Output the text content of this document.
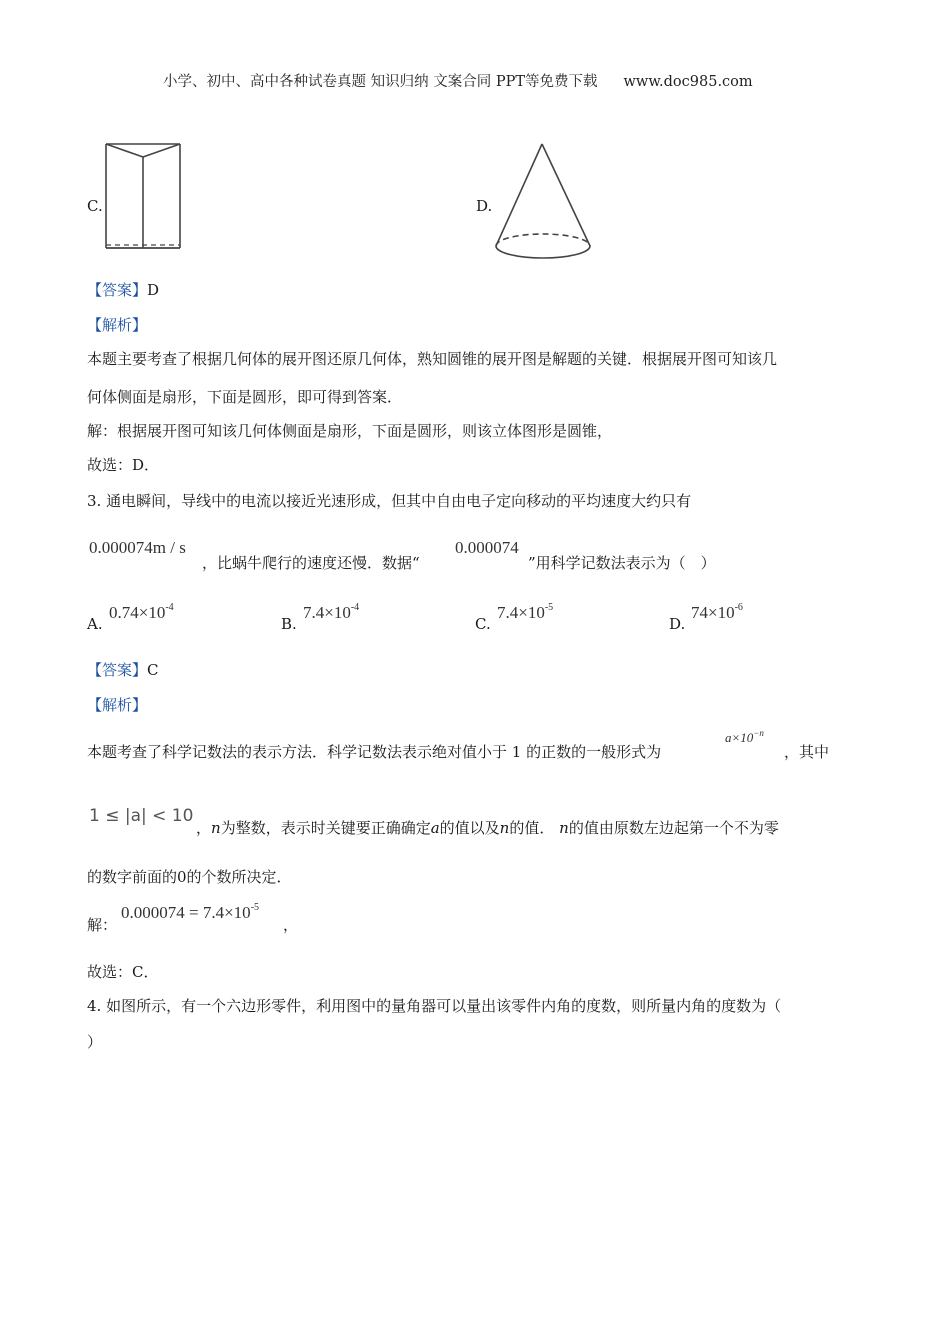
小学、初中、高中各种试卷真题 知识归纳 文案合同 PPT等免费下载 www.doc985.com
C.	D.
【答案】D
【解析】
本题主要考查了根据几何体的展开图还原几何体，熟知圆锥的展开图是解题的关键．根据展开图可知该几
何体侧面是扇形，下面是圆形，即可得到答案．
解：根据展开图可知该几何体侧面是扇形，下面是圆形，则该立体图形是圆锥，
故选：D．
3. 通电瞬间，导线中的电流以接近光速形成，但其中自由电子定向移动的平均速度大约只有
0.000074m / s
，比蜗牛爬行的速度还慢．数据“
0.000074
”用科学记数法表示为（　）
A.
$0.74\times 10^{-4}$
B.
$7.4\times 10^{-4}$
C.
$7.4\times 10^{-5}$
D.
$74\times 10^{-6}$
【答案】C
【解析】
本题考查了科学记数法的表示方法．科学记数法表示绝对值小于 1 的正数的一般形式为
$a\times 10^{-n}$
，其中
1 ≤ |a| < 10
，n为整数，表示时关键要正确确定a的值以及n的值． n的值由原数左边起第一个不为零
的数字前面的0的个数所决定．
解：
$0.000074 = 7.4\times 10^{-5}$
，
故选：C．
4. 如图所示，有一个六边形零件，利用图中的量角器可以量出该零件内角的度数，则所量内角的度数为（
）
